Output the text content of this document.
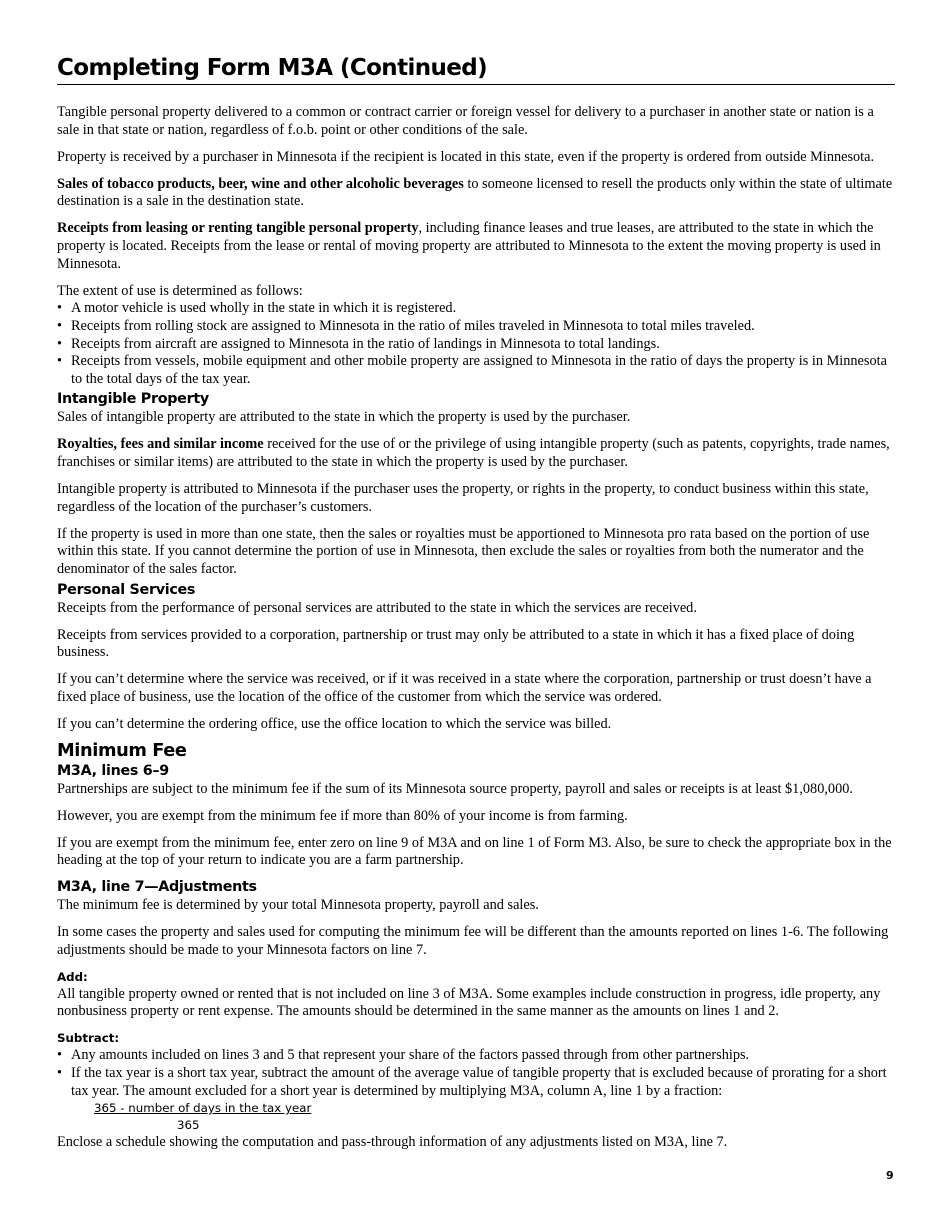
Completing Form M3A (Continued)

Tangible personal property delivered to a common or contract carrier or foreign vessel for delivery to a purchaser in another state or nation is a sale in that state or nation, regardless of f.o.b. point or other conditions of the sale.

Property is received by a purchaser in Minnesota if the recipient is located in this state, even if the property is ordered from outside Minnesota.

Sales of tobacco products, beer, wine and other alcoholic beverages to someone licensed to resell the products only within the state of ultimate destination is a sale in the destination state.

Receipts from leasing or renting tangible personal property, including finance leases and true leases, are attributed to the state in which the property is located. Receipts from the lease or rental of moving property are attributed to Minnesota to the extent the moving property is used in Minnesota.

The extent of use is determined as follows:
• A motor vehicle is used wholly in the state in which it is registered.
• Receipts from rolling stock are assigned to Minnesota in the ratio of miles traveled in Minnesota to total miles traveled.
• Receipts from aircraft are assigned to Minnesota in the ratio of landings in Minnesota to total landings.
• Receipts from vessels, mobile equipment and other mobile property are assigned to Minnesota in the ratio of days the property is in Minnesota to the total days of the tax year.
Intangible Property

Sales of intangible property are attributed to the state in which the property is used by the purchaser.

Royalties, fees and similar income received for the use of or the privilege of using intangible property (such as patents, copyrights, trade names, franchises or similar items) are attributed to the state in which the property is used by the purchaser.

Intangible property is attributed to Minnesota if the purchaser uses the property, or rights in the property, to conduct business within this state, regardless of the location of the purchaser’s customers.

If the property is used in more than one state, then the sales or royalties must be apportioned to Minnesota pro rata based on the portion of use within this state. If you cannot determine the portion of use in Minnesota, then exclude the sales or royalties from both the numerator and the denominator of the sales factor.

Personal Services

Receipts from the performance of personal services are attributed to the state in which the services are received.

Receipts from services provided to a corporation, partnership or trust may only be attributed to a state in which it has a fixed place of doing business.

If you can’t determine where the service was received, or if it was received in a state where the corporation, partnership or trust doesn’t have a fixed place of business, use the location of the office of the customer from which the service was ordered.

If you can’t determine the ordering office, use the office location to which the service was billed.

Minimum Fee
M3A, lines 6–9

Partnerships are subject to the minimum fee if the sum of its Minnesota source property, payroll and sales or receipts is at least $1,080,000.

However, you are exempt from the minimum fee if more than 80% of your income is from farming.

If you are exempt from the minimum fee, enter zero on line 9 of M3A and on line 1 of Form M3. Also, be sure to check the appropriate box in the heading at the top of your return to indicate you are a farm partnership.

M3A, line 7—Adjustments

The minimum fee is determined by your total Minnesota property, payroll and sales.

In some cases the property and sales used for computing the minimum fee will be different than the amounts reported on lines 1-6. The following adjustments should be made to your Minnesota factors on line 7.

Add:

All tangible property owned or rented that is not included on line 3 of M3A. Some examples include construction in progress, idle property, any nonbusiness property or rent expense. The amounts should be determined in the same manner as the amounts on lines 1 and 2.

Subtract:
• Any amounts included on lines 3 and 5 that represent your share of the factors passed through from other partnerships.
• If the tax year is a short tax year, subtract the amount of the average value of tangible property that is excluded because of prorating for a short tax year. The amount excluded for a short year is determined by multiplying M3A, column A, line 1 by a fraction:
365 - number of days in the tax year
365
Enclose a schedule showing the computation and pass-through information of any adjustments listed on M3A, line 7.
9
